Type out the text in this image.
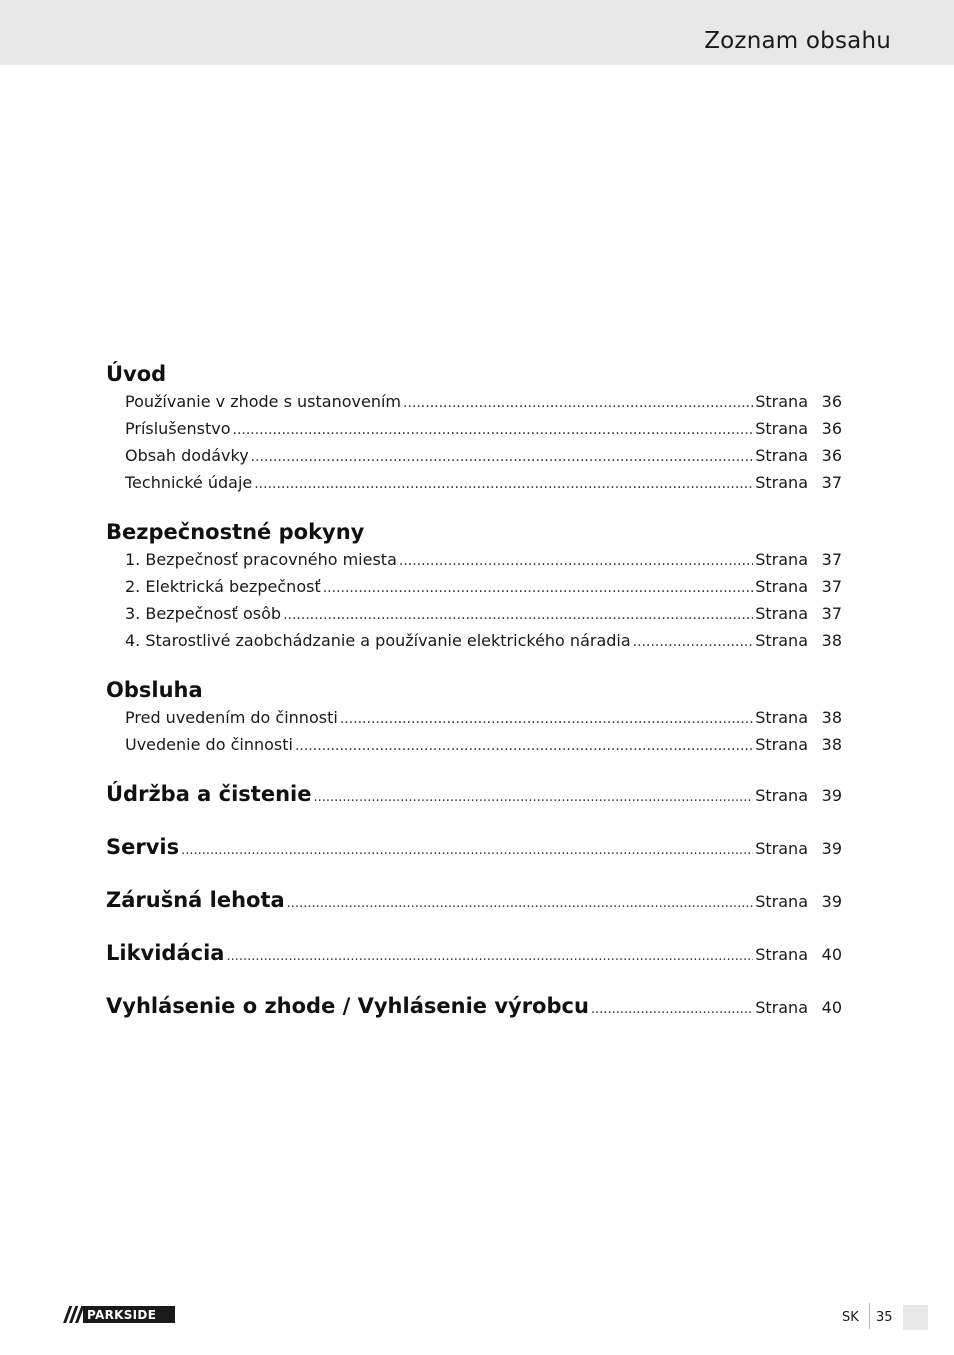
Zoznam obsahu
Úvod
Používanie v zhode s ustanovením .....	Strana 36
Príslušenstvo .....	Strana 36
Obsah dodávky .....	Strana 36
Technické údaje .....	Strana 37
Bezpečnostné pokyny
1. Bezpečnosť pracovného miesta .....	Strana 37
2. Elektrická bezpečnosť .....	Strana 37
3. Bezpečnosť osôb .....	Strana 37
4. Starostlivé zaobchádzanie a používanie elektrického náradia .....	Strana 38
Obsluha
Pred uvedením do činnosti .....	Strana 38
Uvedenie do činnosti .....	Strana 38
Údržba a čistenie .....	Strana 39
Servis .....	Strana 39
Zárušná lehota .....	Strana 39
Likvidácia .....	Strana 40
Vyhlásenie o zhode / Vyhlásenie výrobcu .....	Strana 40
PARKSIDE	SK 35
